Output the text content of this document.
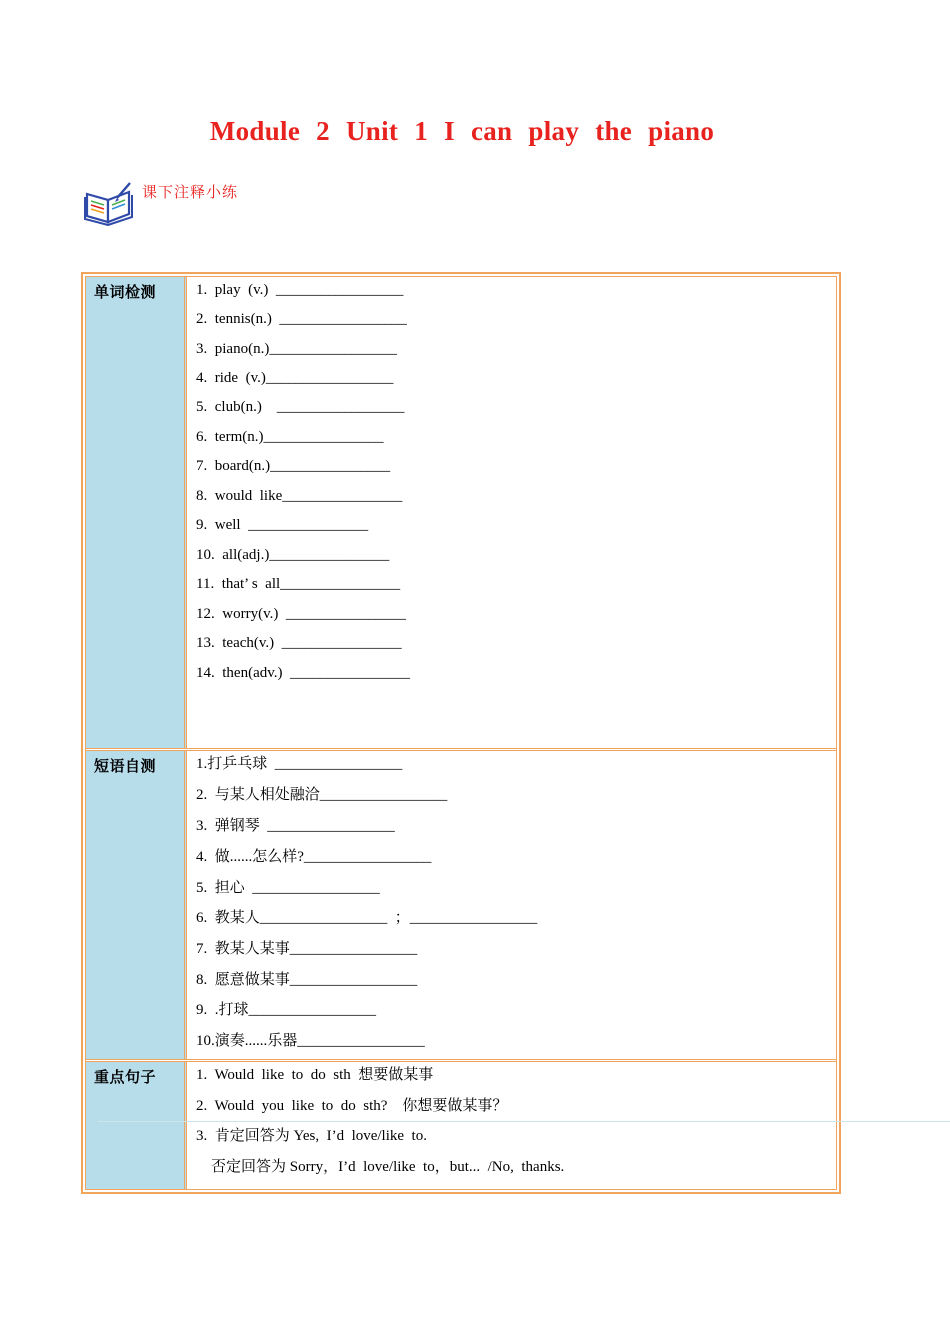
Module 2 Unit 1 I can play the piano
课下注释小练
单词检测	1.  play  (v.)  _________________
2.  tennis(n.)  _________________
3.  piano(n.)_________________
4.  ride  (v.)_________________
5.  club(n.)    _________________
6.  term(n.)________________
7.  board(n.)________________
8.  would  like________________
9.  well  ________________
10.  all(adj.)________________
11.  that’ s  all________________
12.  worry(v.)  ________________
13.  teach(v.)  ________________
14.  then(adv.)  ________________
短语自测	1.打乒乓球  _________________
2.  与某人相处融洽_________________
3.  弹钢琴  _________________
4.  做......怎么样?_________________
5.  担心  _________________
6.  教某人_________________  ；_________________
7.  教某人某事_________________
8.  愿意做某事_________________
9.  .打球_________________
10.演奏......乐器_________________
重点句子	1.  Would  like  to  do  sth  想要做某事
2.  Would  you  like  to  do  sth?    你想要做某事？
3.  肯定回答为 Yes,  I’d  love/like  to.
否定回答为 Sorry，I’d  love/like  to，but...  /No,  thanks.
